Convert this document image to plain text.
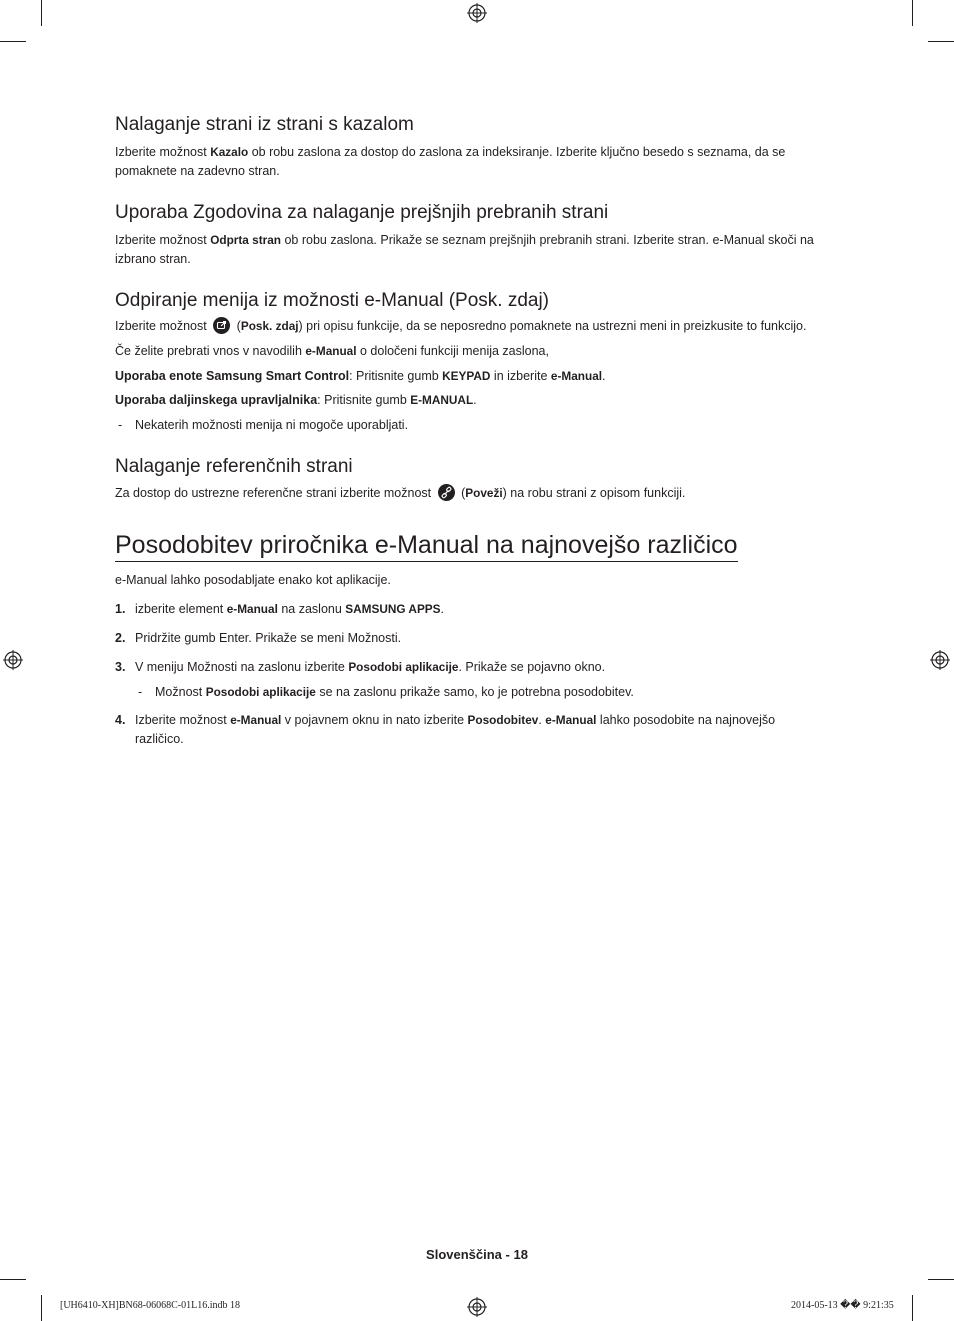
Nalaganje strani iz strani s kazalom

Izberite možnost Kazalo ob robu zaslona za dostop do zaslona za indeksiranje. Izberite ključno besedo s seznama, da se pomaknete na zadevno stran.

Uporaba Zgodovina za nalaganje prejšnjih prebranih strani

Izberite možnost Odprta stran ob robu zaslona. Prikaže se seznam prejšnjih prebranih strani. Izberite stran. e-Manual skoči na izbrano stran.

Odpiranje menija iz možnosti e-Manual (Posk. zdaj)

Izberite možnost
(Posk. zdaj) pri opisu funkcije, da se neposredno pomaknete na ustrezni meni in preizkusite to funkcijo.

Če želite prebrati vnos v navodilih e-Manual o določeni funkciji menija zaslona,

Uporaba enote Samsung Smart Control: Pritisnite gumb KEYPAD in izberite e-Manual.

Uporaba daljinskega upravljalnika: Pritisnite gumb E-MANUAL.

- Nekaterih možnosti menija ni mogoče uporabljati.
Nalaganje referenčnih strani

Za dostop do ustrezne referenčne strani izberite možnost
(Poveži) na robu strani z opisom funkciji.

Posodobitev priročnika e-Manual na najnovejšo različico

e-Manual lahko posodabljate enako kot aplikacije.

1. izberite element e-Manual na zaslonu SAMSUNG APPS.

2. Pridržite gumb Enter. Prikaže se meni Možnosti.

3. V meniju Možnosti na zaslonu izberite Posodobi aplikacije. Prikaže se pojavno okno.

- Možnost Posodobi aplikacije se na zaslonu prikaže samo, ko je potrebna posodobitev.

4. Izberite možnost e-Manual v pojavnem oknu in nato izberite Posodobitev. e-Manual lahko posodobite na najnovejšo različico.

Slovenščina - 18
[UH6410-XH]BN68-06068C-01L16.indb 18	2014-05-13 �� 9:21:35
